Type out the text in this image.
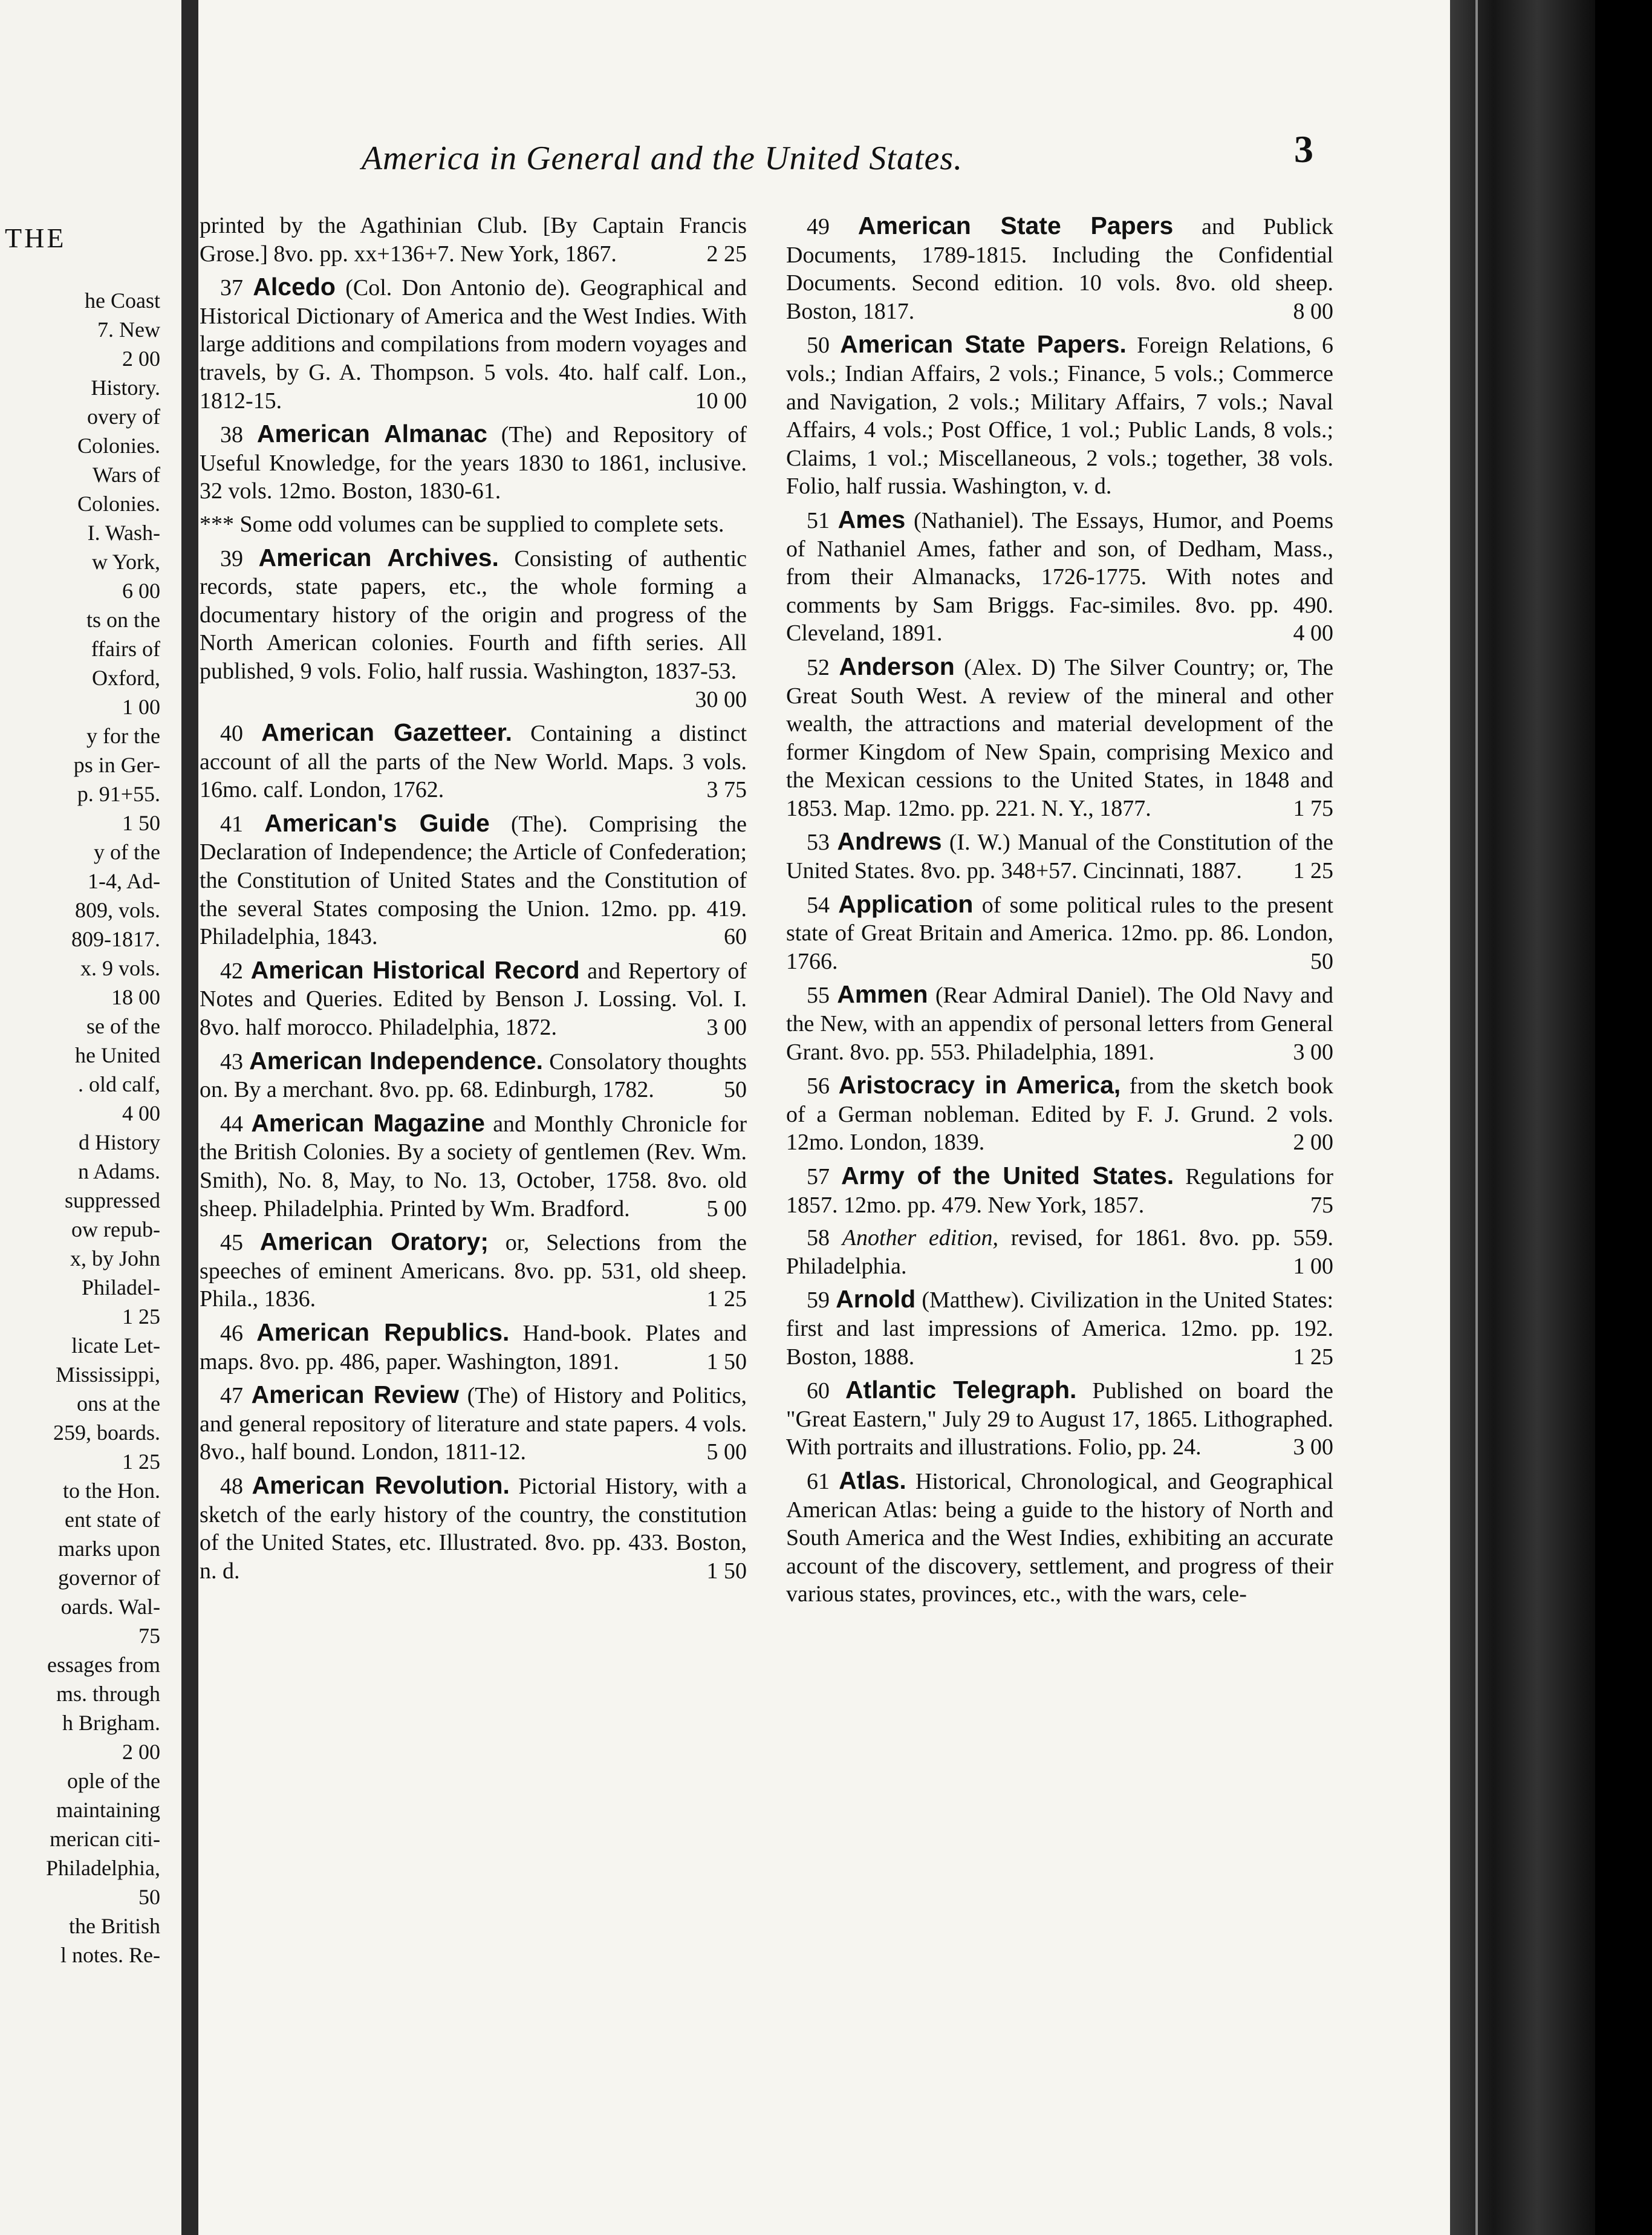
THE
he Coast
7. New
2 00
History.
overy of
Colonies.
Wars of
Colonies.
I. Wash-
w York,
6 00
ts on the
ffairs of
Oxford,
1 00
y for the
ps in Ger-
p. 91+55.
1 50
y of the
1-4, Ad-
809, vols.
809-1817.
x. 9 vols.
18 00
se of the
he United
. old calf,
4 00
d History
n Adams.
suppressed
ow repub-
x, by John
Philadel-
1 25
licate Let-
Mississippi,
ons at the
259, boards.
1 25
to the Hon.
ent state of
marks upon
governor of
oards. Wal-
75
essages from
ms. through
h Brigham.
2 00
ople of the
maintaining
merican citi-
Philadelphia,
50
the British
l notes. Re-
America in General and the United States.	3
printed by the Agathinian Club. [By Captain Francis Grose.] 8vo. pp. xx+136+7. New York, 1867.	2 25
37 Alcedo (Col. Don Antonio de). Geographical and Historical Dictionary of America and the West Indies. With large additions and compilations from modern voyages and travels, by G. A. Thompson. 5 vols. 4to. half calf. Lon., 1812-15.	10 00
38 American Almanac (The) and Repository of Useful Knowledge, for the years 1830 to 1861, inclusive. 32 vols. 12mo. Boston, 1830-61.
*** Some odd volumes can be supplied to complete sets.
39 American Archives. Consisting of authentic records, state papers, etc., the whole forming a documentary history of the origin and progress of the North American colonies. Fourth and fifth series. All published, 9 vols. Folio, half russia. Washington, 1837-53.
30 00
40 American Gazetteer. Containing a distinct account of all the parts of the New World. Maps. 3 vols. 16mo. calf. London, 1762.	3 75
41 American's Guide (The). Comprising the Declaration of Independence; the Article of Confederation; the Constitution of United States and the Constitution of the several States composing the Union. 12mo. pp. 419. Philadelphia, 1843.	60
42 American Historical Record and Repertory of Notes and Queries. Edited by Benson J. Lossing. Vol. I. 8vo. half morocco. Philadelphia, 1872.	3 00
43 American Independence. Consolatory thoughts on. By a merchant. 8vo. pp. 68. Edinburgh, 1782.	50
44 American Magazine and Monthly Chronicle for the British Colonies. By a society of gentlemen (Rev. Wm. Smith), No. 8, May, to No. 13, October, 1758. 8vo. old sheep. Philadelphia. Printed by Wm. Bradford.	5 00
45 American Oratory; or, Selections from the speeches of eminent Americans. 8vo. pp. 531, old sheep. Phila., 1836.	1 25
46 American Republics. Hand-book. Plates and maps. 8vo. pp. 486, paper. Washington, 1891.	1 50
47 American Review (The) of History and Politics, and general repository of literature and state papers. 4 vols. 8vo., half bound. London, 1811-12.	5 00
48 American Revolution. Pictorial History, with a sketch of the early history of the country, the constitution of the United States, etc. Illustrated. 8vo. pp. 433. Boston, n. d.	1 50
49 American State Papers and Publick Documents, 1789-1815. Including the Confidential Documents. Second edition. 10 vols. 8vo. old sheep. Boston, 1817.	8 00
50 American State Papers. Foreign Relations, 6 vols.; Indian Affairs, 2 vols.; Finance, 5 vols.; Commerce and Navigation, 2 vols.; Military Affairs, 7 vols.; Naval Affairs, 4 vols.; Post Office, 1 vol.; Public Lands, 8 vols.; Claims, 1 vol.; Miscellaneous, 2 vols.; together, 38 vols. Folio, half russia. Washington, v. d.
51 Ames (Nathaniel). The Essays, Humor, and Poems of Nathaniel Ames, father and son, of Dedham, Mass., from their Almanacks, 1726-1775. With notes and comments by Sam Briggs. Fac-similes. 8vo. pp. 490. Cleveland, 1891.	4 00
52 Anderson (Alex. D) The Silver Country; or, The Great South West. A review of the mineral and other wealth, the attractions and material development of the former Kingdom of New Spain, comprising Mexico and the Mexican cessions to the United States, in 1848 and 1853. Map. 12mo. pp. 221. N. Y., 1877.	1 75
53 Andrews (I. W.) Manual of the Constitution of the United States. 8vo. pp. 348+57. Cincinnati, 1887. 1 25
54 Application of some political rules to the present state of Great Britain and America. 12mo. pp. 86. London, 1766.	50
55 Ammen (Rear Admiral Daniel). The Old Navy and the New, with an appendix of personal letters from General Grant. 8vo. pp. 553. Philadelphia, 1891.	3 00
56 Aristocracy in America, from the sketch book of a German nobleman. Edited by F. J. Grund. 2 vols. 12mo. London, 1839.	2 00
57 Army of the United States. Regulations for 1857. 12mo. pp. 479. New York, 1857.	75
58 Another edition, revised, for 1861. 8vo. pp. 559. Philadelphia.	1 00
59 Arnold (Matthew). Civilization in the United States: first and last impressions of America. 12mo. pp. 192. Boston, 1888.	1 25
60 Atlantic Telegraph. Published on board the "Great Eastern," July 29 to August 17, 1865. Lithographed. With portraits and illustrations. Folio, pp. 24.	3 00
61 Atlas. Historical, Chronological, and Geographical American Atlas: being a guide to the history of North and South America and the West Indies, exhibiting an accurate account of the discovery, settlement, and progress of their various states, provinces, etc., with the wars, cele-
